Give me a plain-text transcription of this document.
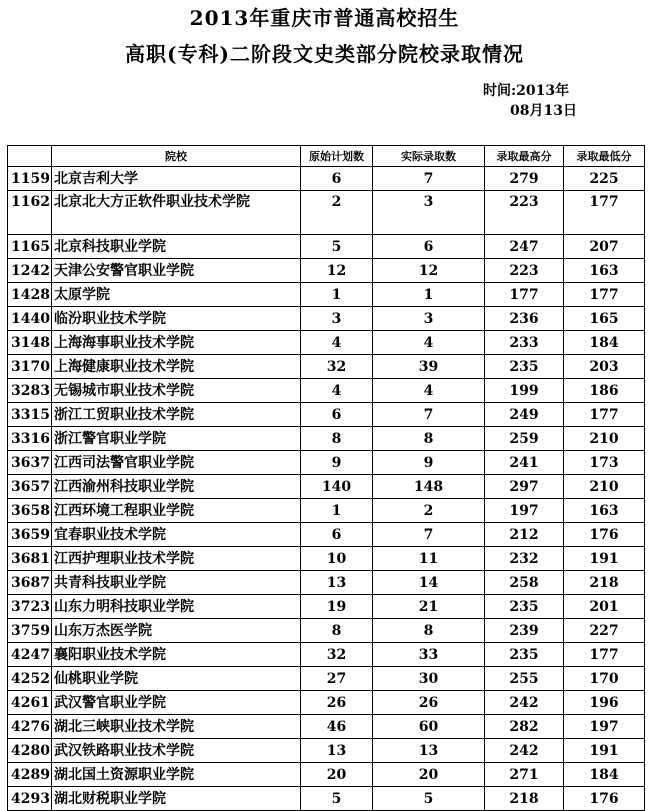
2013年重庆市普通高校招生
高职(专科)二阶段文史类部分院校录取情况
时间:2013年
08月13日
	院校	原始计划数	实际录取数	录取最高分	录取最低分
1159	北京吉利大学	6	7	279	225
1162	北京北大方正软件职业技术学院	2	3	223	177
1165	北京科技职业学院	5	6	247	207
1242	天津公安警官职业学院	12	12	223	163
1428	太原学院	1	1	177	177
1440	临汾职业技术学院	3	3	236	165
3148	上海海事职业技术学院	4	4	233	184
3170	上海健康职业技术学院	32	39	235	203
3283	无锡城市职业技术学院	4	4	199	186
3315	浙江工贸职业技术学院	6	7	249	177
3316	浙江警官职业学院	8	8	259	210
3637	江西司法警官职业学院	9	9	241	173
3657	江西渝州科技职业学院	140	148	297	210
3658	江西环境工程职业学院	1	2	197	163
3659	宜春职业技术学院	6	7	212	176
3681	江西护理职业技术学院	10	11	232	191
3687	共青科技职业学院	13	14	258	218
3723	山东力明科技职业学院	19	21	235	201
3759	山东万杰医学院	8	8	239	227
4247	襄阳职业技术学院	32	33	235	177
4252	仙桃职业学院	27	30	255	170
4261	武汉警官职业学院	26	26	242	196
4276	湖北三峡职业技术学院	46	60	282	197
4280	武汉铁路职业技术学院	13	13	242	191
4289	湖北国土资源职业学院	20	20	271	184
4293	湖北财税职业学院	5	5	218	176
